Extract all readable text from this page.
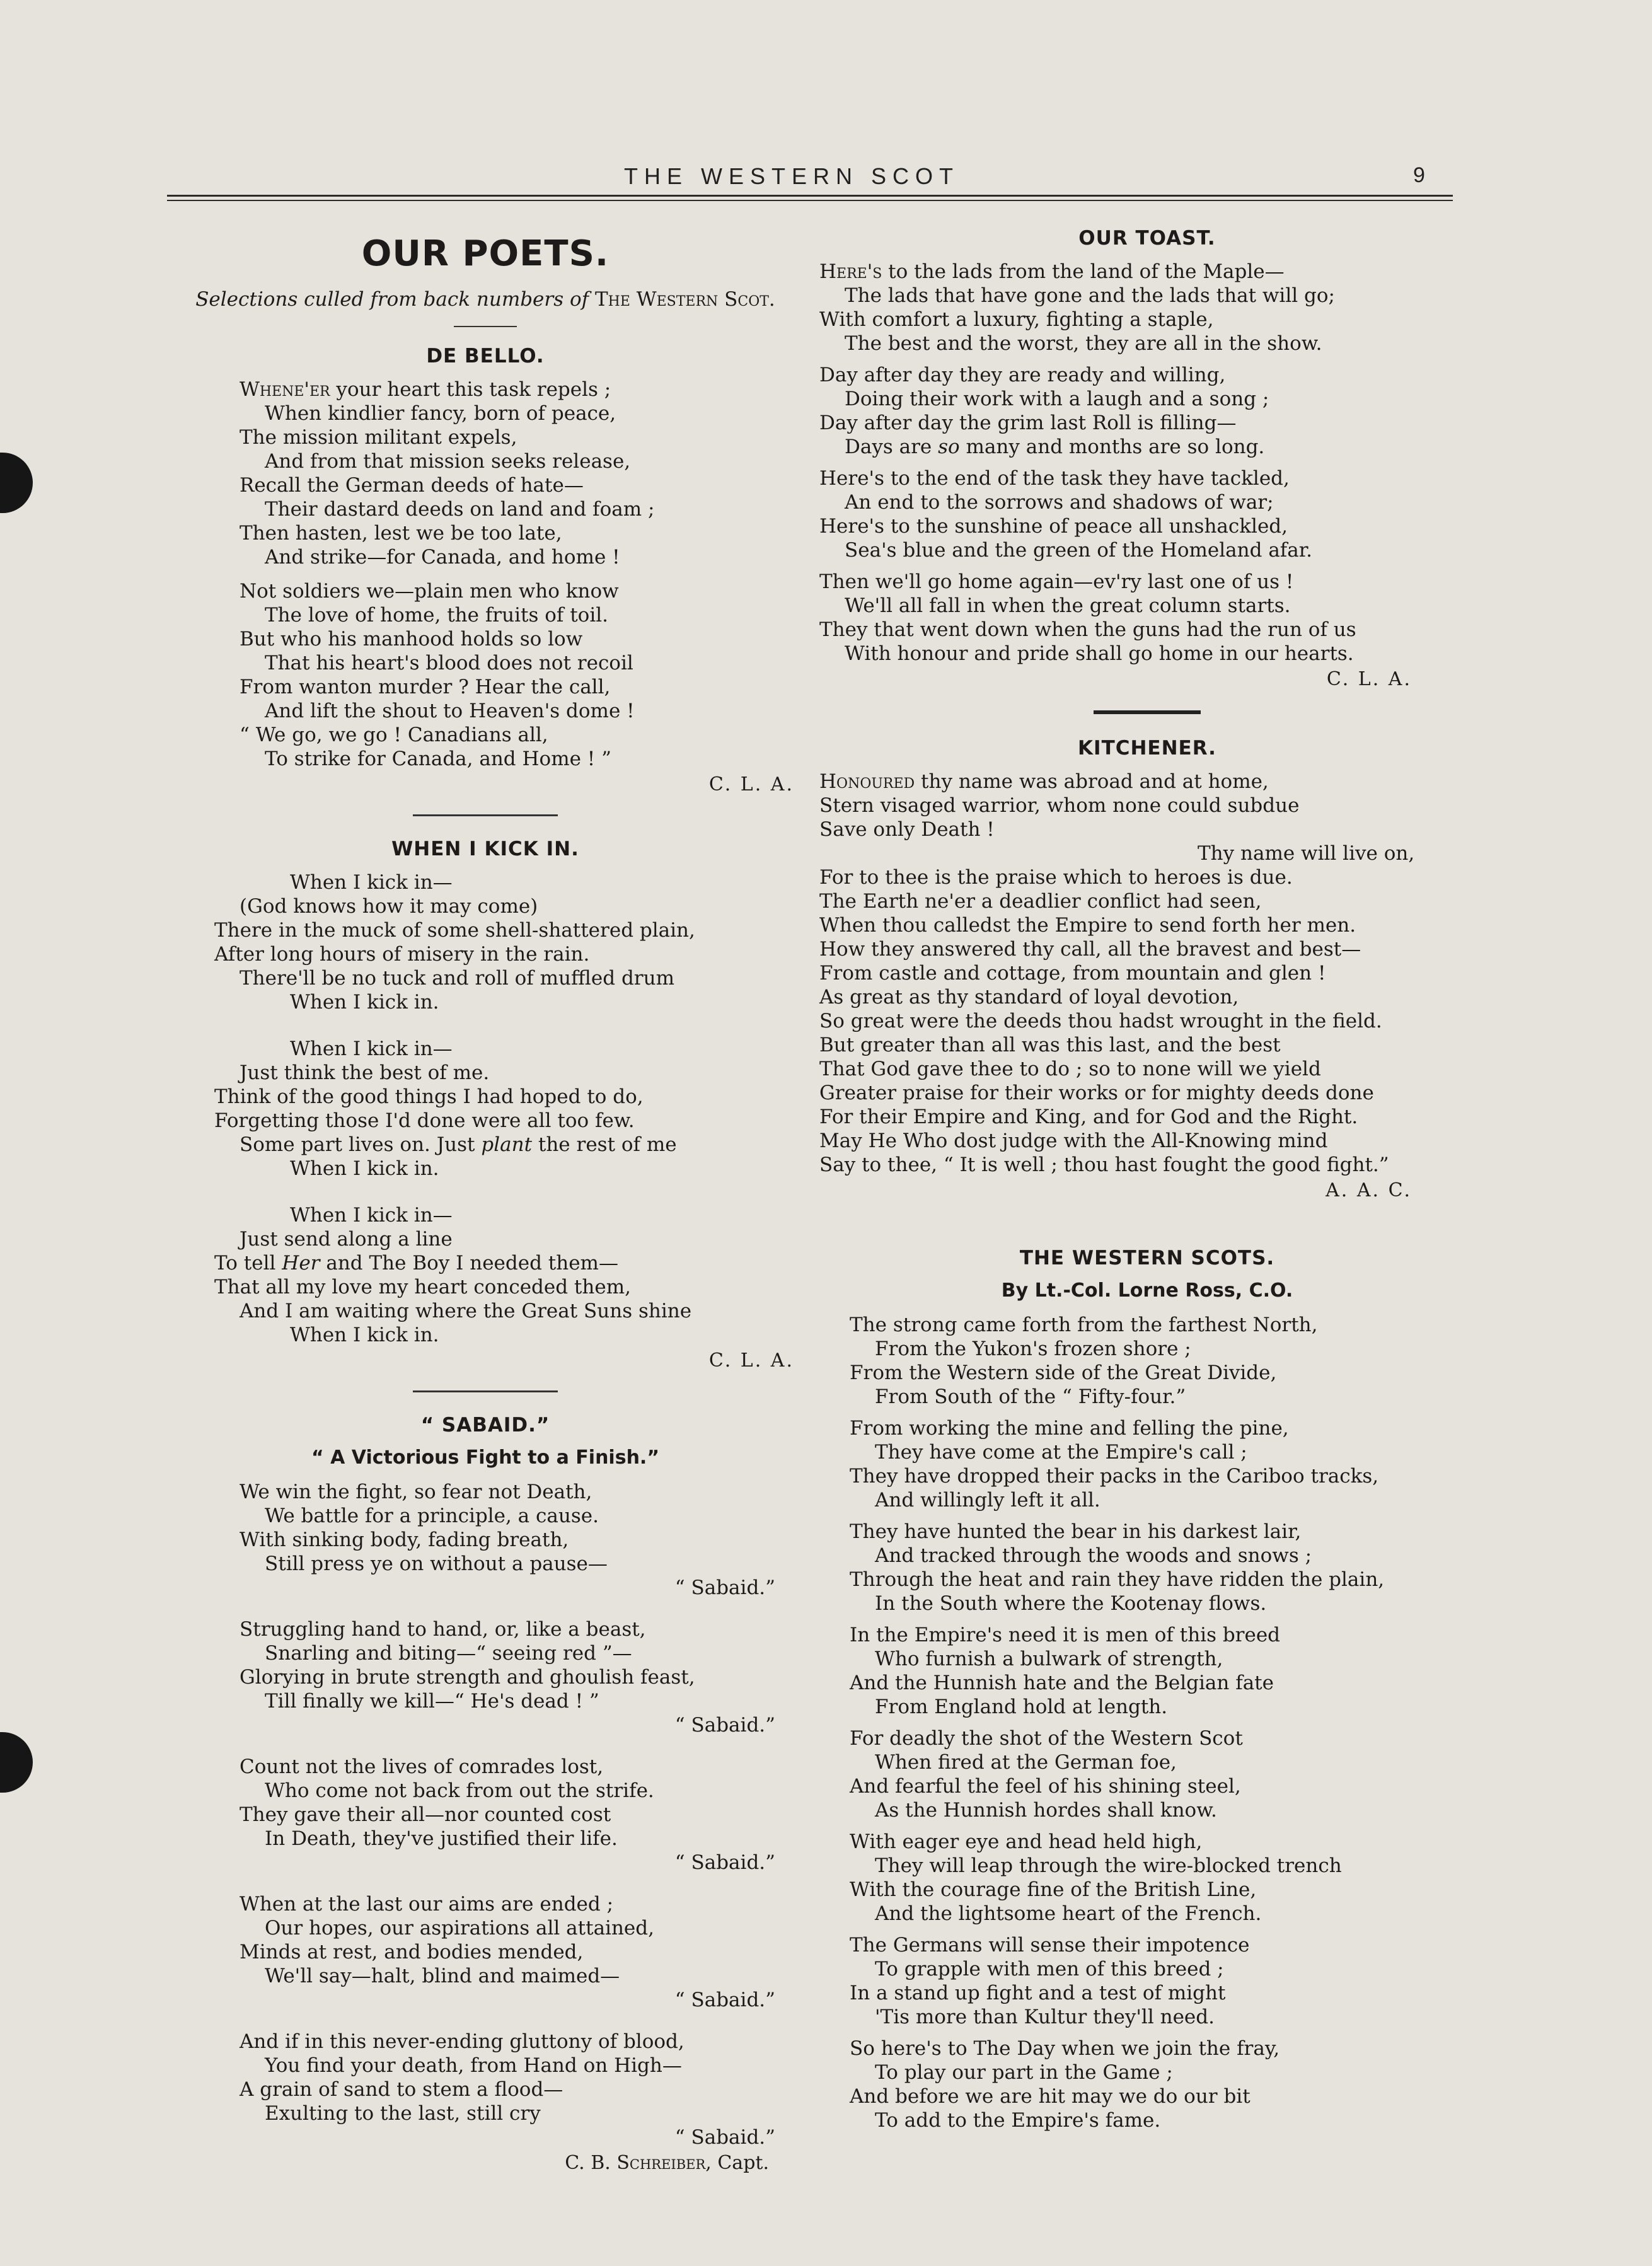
THE WESTERN SCOT	9
OUR POETS.
Selections culled from back numbers of The Western Scot.
DE BELLO.
Whene'er your heart this task repels ;
When kindlier fancy, born of peace,
The mission militant expels,
And from that mission seeks release,
Recall the German deeds of hate—
Their dastard deeds on land and foam ;
Then hasten, lest we be too late,
And strike—for Canada, and home !
Not soldiers we—plain men who know
The love of home, the fruits of toil.
But who his manhood holds so low
That his heart's blood does not recoil
From wanton murder ? Hear the call,
And lift the shout to Heaven's dome !
“ We go, we go ! Canadians all,
To strike for Canada, and Home ! ”
C. L. A.
WHEN I KICK IN.
When I kick in—
(God knows how it may come)
There in the muck of some shell-shattered plain,
After long hours of misery in the rain.
There'll be no tuck and roll of muffled drum
When I kick in.
When I kick in—
Just think the best of me.
Think of the good things I had hoped to do,
Forgetting those I'd done were all too few.
Some part lives on. Just plant the rest of me
When I kick in.
When I kick in—
Just send along a line
To tell Her and The Boy I needed them—
That all my love my heart conceded them,
And I am waiting where the Great Suns shine
When I kick in.
C. L. A.
“ SABAID.”
“ A Victorious Fight to a Finish.”
We win the fight, so fear not Death,
We battle for a principle, a cause.
With sinking body, fading breath,
Still press ye on without a pause—
“ Sabaid.”
Struggling hand to hand, or, like a beast,
Snarling and biting—“ seeing red ”—
Glorying in brute strength and ghoulish feast,
Till finally we kill—“ He's dead ! ”
“ Sabaid.”
Count not the lives of comrades lost,
Who come not back from out the strife.
They gave their all—nor counted cost
In Death, they've justified their life.
“ Sabaid.”
When at the last our aims are ended ;
Our hopes, our aspirations all attained,
Minds at rest, and bodies mended,
We'll say—halt, blind and maimed—
“ Sabaid.”
And if in this never-ending gluttony of blood,
You find your death, from Hand on High—
A grain of sand to stem a flood—
Exulting to the last, still cry
“ Sabaid.”
C. B. Schreiber, Capt.
OUR TOAST.
Here's to the lads from the land of the Maple—
The lads that have gone and the lads that will go;
With comfort a luxury, fighting a staple,
The best and the worst, they are all in the show.
Day after day they are ready and willing,
Doing their work with a laugh and a song ;
Day after day the grim last Roll is filling—
Days are so many and months are so long.
Here's to the end of the task they have tackled,
An end to the sorrows and shadows of war;
Here's to the sunshine of peace all unshackled,
Sea's blue and the green of the Homeland afar.
Then we'll go home again—ev'ry last one of us !
We'll all fall in when the great column starts.
They that went down when the guns had the run of us
With honour and pride shall go home in our hearts.
C. L. A.
KITCHENER.
Honoured thy name was abroad and at home,
Stern visaged warrior, whom none could subdue
Save only Death !
Thy name will live on,
For to thee is the praise which to heroes is due.
The Earth ne'er a deadlier conflict had seen,
When thou calledst the Empire to send forth her men.
How they answered thy call, all the bravest and best—
From castle and cottage, from mountain and glen !
As great as thy standard of loyal devotion,
So great were the deeds thou hadst wrought in the field.
But greater than all was this last, and the best
That God gave thee to do ; so to none will we yield
Greater praise for their works or for mighty deeds done
For their Empire and King, and for God and the Right.
May He Who dost judge with the All-Knowing mind
Say to thee, “ It is well ; thou hast fought the good fight.”
A. A. C.
THE WESTERN SCOTS.
By Lt.-Col. Lorne Ross, C.O.
The strong came forth from the farthest North,
From the Yukon's frozen shore ;
From the Western side of the Great Divide,
From South of the “ Fifty-four.”
From working the mine and felling the pine,
They have come at the Empire's call ;
They have dropped their packs in the Cariboo tracks,
And willingly left it all.
They have hunted the bear in his darkest lair,
And tracked through the woods and snows ;
Through the heat and rain they have ridden the plain,
In the South where the Kootenay flows.
In the Empire's need it is men of this breed
Who furnish a bulwark of strength,
And the Hunnish hate and the Belgian fate
From England hold at length.
For deadly the shot of the Western Scot
When fired at the German foe,
And fearful the feel of his shining steel,
As the Hunnish hordes shall know.
With eager eye and head held high,
They will leap through the wire-blocked trench
With the courage fine of the British Line,
And the lightsome heart of the French.
The Germans will sense their impotence
To grapple with men of this breed ;
In a stand up fight and a test of might
'Tis more than Kultur they'll need.
So here's to The Day when we join the fray,
To play our part in the Game ;
And before we are hit may we do our bit
To add to the Empire's fame.
